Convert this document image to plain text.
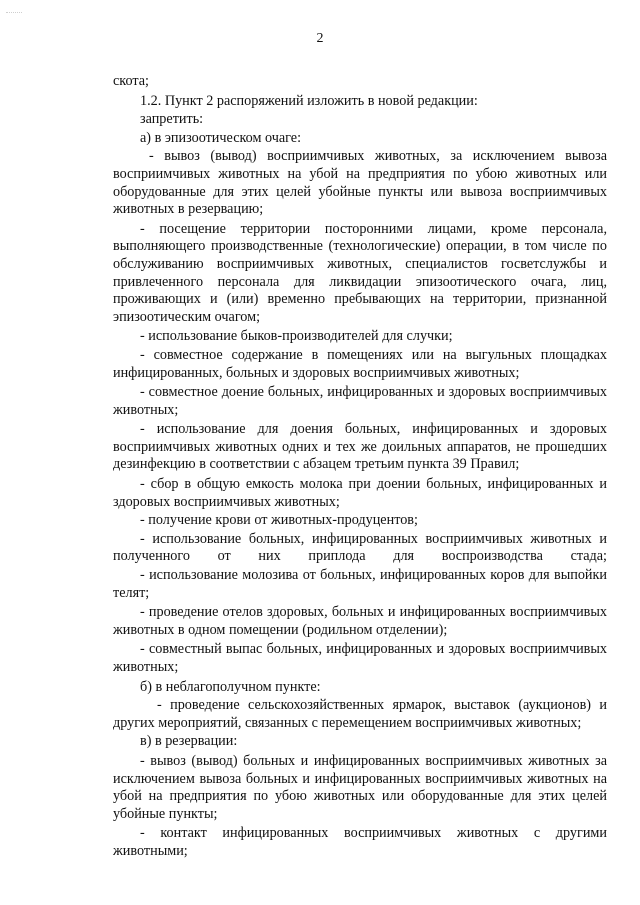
2

скота;

1.2. Пункт 2 распоряжений изложить в новой редакции:

запретить:

а) в эпизоотическом очаге:

- вывоз (вывод) восприимчивых животных, за исключением вывоза восприимчивых животных на убой на предприятия по убою животных или оборудованные для этих целей убойные пункты или вывоза восприимчивых животных в резервацию;

- посещение территории посторонними лицами, кроме персонала, выполняющего производственные (технологические) операции, в том числе по обслуживанию восприимчивых животных, специалистов госветслужбы и привлеченного персонала для ликвидации эпизоотического очага, лиц, проживающих и (или) временно пребывающих на территории, признанной эпизоотическим очагом;

- использование быков-производителей для случки;

- совместное содержание в помещениях или на выгульных площадках инфицированных, больных и здоровых восприимчивых животных;

- совместное доение больных, инфицированных и здоровых восприимчивых животных;

- использование для доения больных, инфицированных и здоровых восприимчивых животных одних и тех же доильных аппаратов, не прошедших дезинфекцию в соответствии с абзацем третьим пункта 39 Правил;

- сбор в общую емкость молока при доении больных, инфицированных и здоровых восприимчивых животных;

- получение крови от животных-продуцентов;

- использование больных, инфицированных восприимчивых животных и полученного от них приплода для воспроизводства стада;

- использование молозива от больных, инфицированных коров для выпойки телят;

- проведение отелов здоровых, больных и инфицированных восприимчивых животных в одном помещении (родильном отделении);

- совместный выпас больных, инфицированных и здоровых восприимчивых животных;

б) в неблагополучном пункте:

- проведение сельскохозяйственных ярмарок, выставок (аукционов) и других мероприятий, связанных с перемещением восприимчивых животных;

в) в резервации:

- вывоз (вывод) больных и инфицированных восприимчивых животных за исключением вывоза больных и инфицированных восприимчивых животных на убой на предприятия по убою животных или оборудованные для этих целей убойные пункты;

- контакт инфицированных восприимчивых животных с другими животными;
